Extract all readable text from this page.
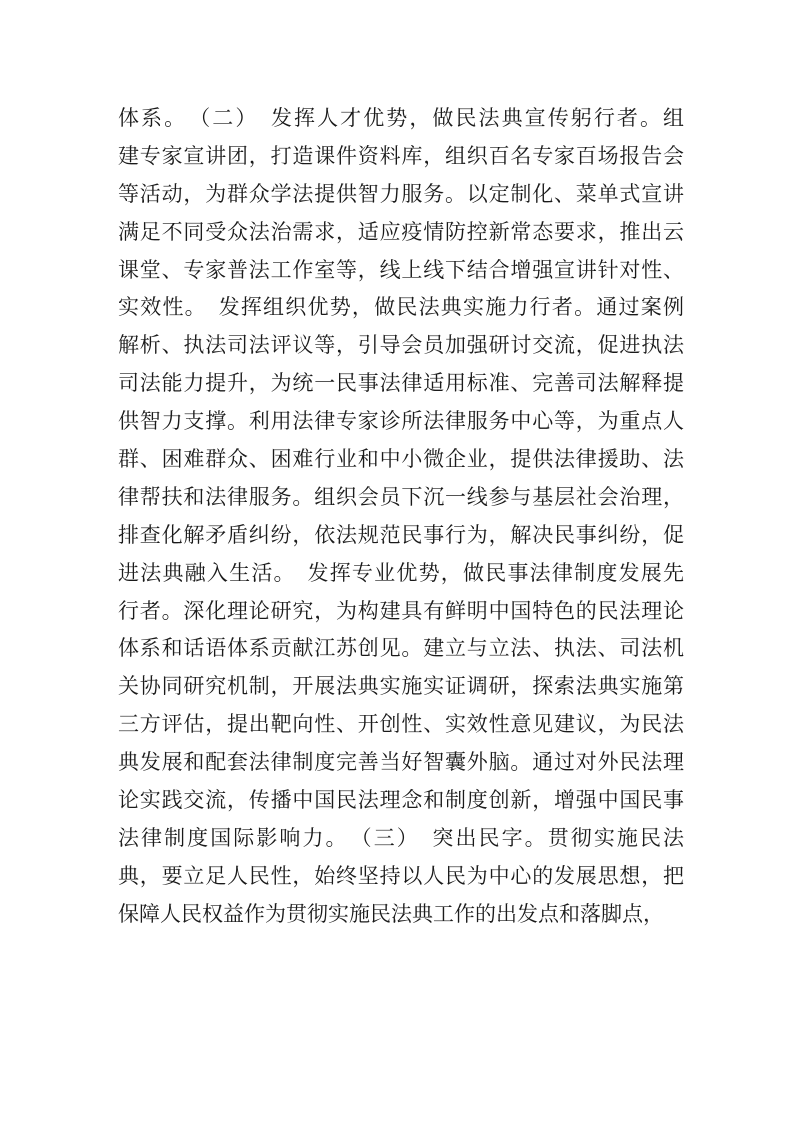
体系。　（二）　发挥人才优势，做民法典宣传躬行者。组
建专家宣讲团，打造课件资料库，组织百名专家百场报告会
等活动，为群众学法提供智力服务。以定制化、菜单式宣讲
满足不同受众法治需求，适应疫情防控新常态要求，推出云
课堂、专家普法工作室等，线上线下结合增强宣讲针对性、
实效性。　发挥组织优势，做民法典实施力行者。通过案例
解析、执法司法评议等，引导会员加强研讨交流，促进执法
司法能力提升，为统一民事法律适用标准、完善司法解释提
供智力支撑。利用法律专家诊所法律服务中心等，为重点人
群、困难群众、困难行业和中小微企业，提供法律援助、法
律帮扶和法律服务。组织会员下沉一线参与基层社会治理，
排查化解矛盾纠纷，依法规范民事行为，解决民事纠纷，促
进法典融入生活。　发挥专业优势，做民事法律制度发展先
行者。深化理论研究，为构建具有鲜明中国特色的民法理论
体系和话语体系贡献江苏创见。建立与立法、执法、司法机
关协同研究机制，开展法典实施实证调研，探索法典实施第
三方评估，提出靶向性、开创性、实效性意见建议，为民法
典发展和配套法律制度完善当好智囊外脑。通过对外民法理
论实践交流，传播中国民法理念和制度创新，增强中国民事
法律制度国际影响力。　（三）　突出民字。贯彻实施民法
典，要立足人民性，始终坚持以人民为中心的发展思想，把
保障人民权益作为贯彻实施民法典工作的出发点和落脚点，
